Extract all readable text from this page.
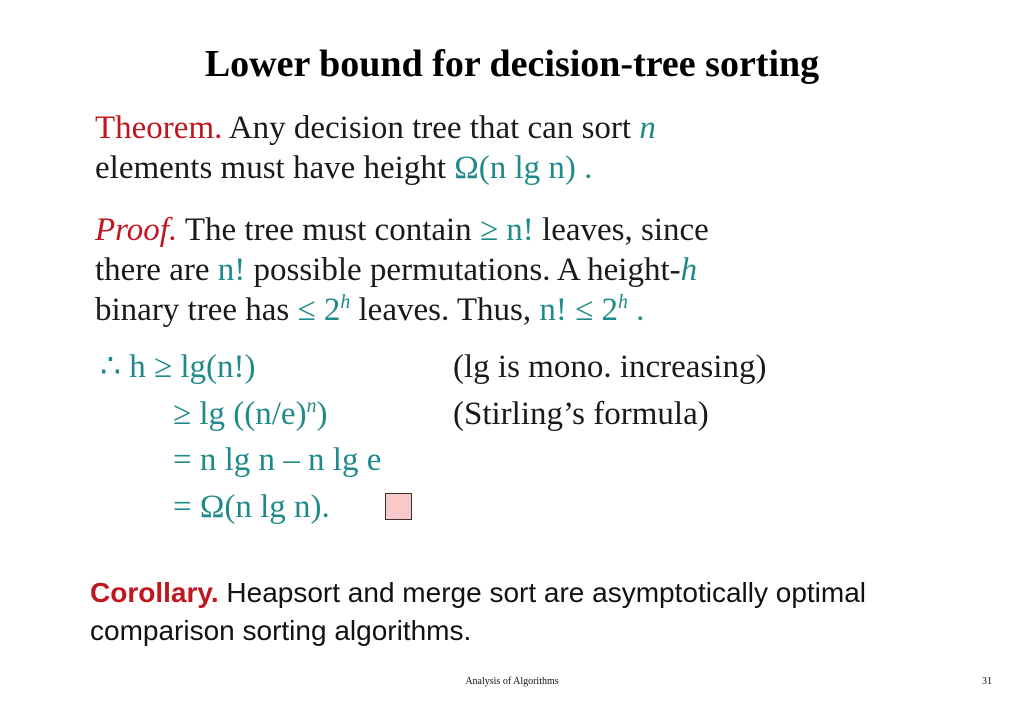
Lower bound for decision-tree sorting
Theorem. Any decision tree that can sort n
elements must have height Ω(n lg n) .
Proof. The tree must contain ≥ n! leaves, since
there are n! possible permutations. A height-h
binary tree has ≤ $2^h$ leaves. Thus, n! ≤ $2^h$ .
∴ h ≥ lg(n!)	(lg is mono. increasing)
≥ $\lg ((n/e)^n)$	(Stirling’s formula)
= n lg n – n lg e
= Ω(n lg n).
Corollary. Heapsort and merge sort are asymptotically optimal comparison sorting algorithms.
Analysis of Algorithms	31
